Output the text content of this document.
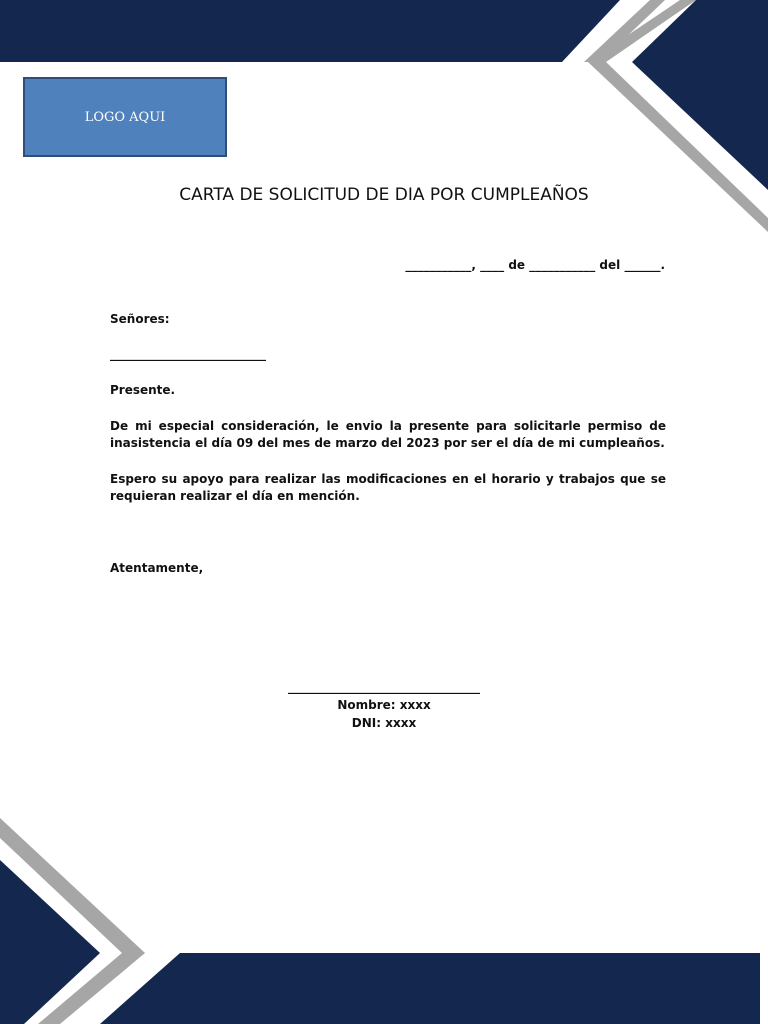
LOGO AQUI
CARTA DE SOLICITUD DE DIA POR CUMPLEAÑOS
___________, ____ de ___________ del ______.

Señores:

__________________________

Presente.

De mi especial consideración, le envio la presente para solicitarle permiso de inasistencia el día 09 del mes de marzo del 2023 por ser el día de mi cumpleaños.

Espero su apoyo para realizar las modificaciones en el horario y trabajos que se requieran realizar el día en mención.

Atentamente,

________________________________
Nombre: xxxx
DNI: xxxx
